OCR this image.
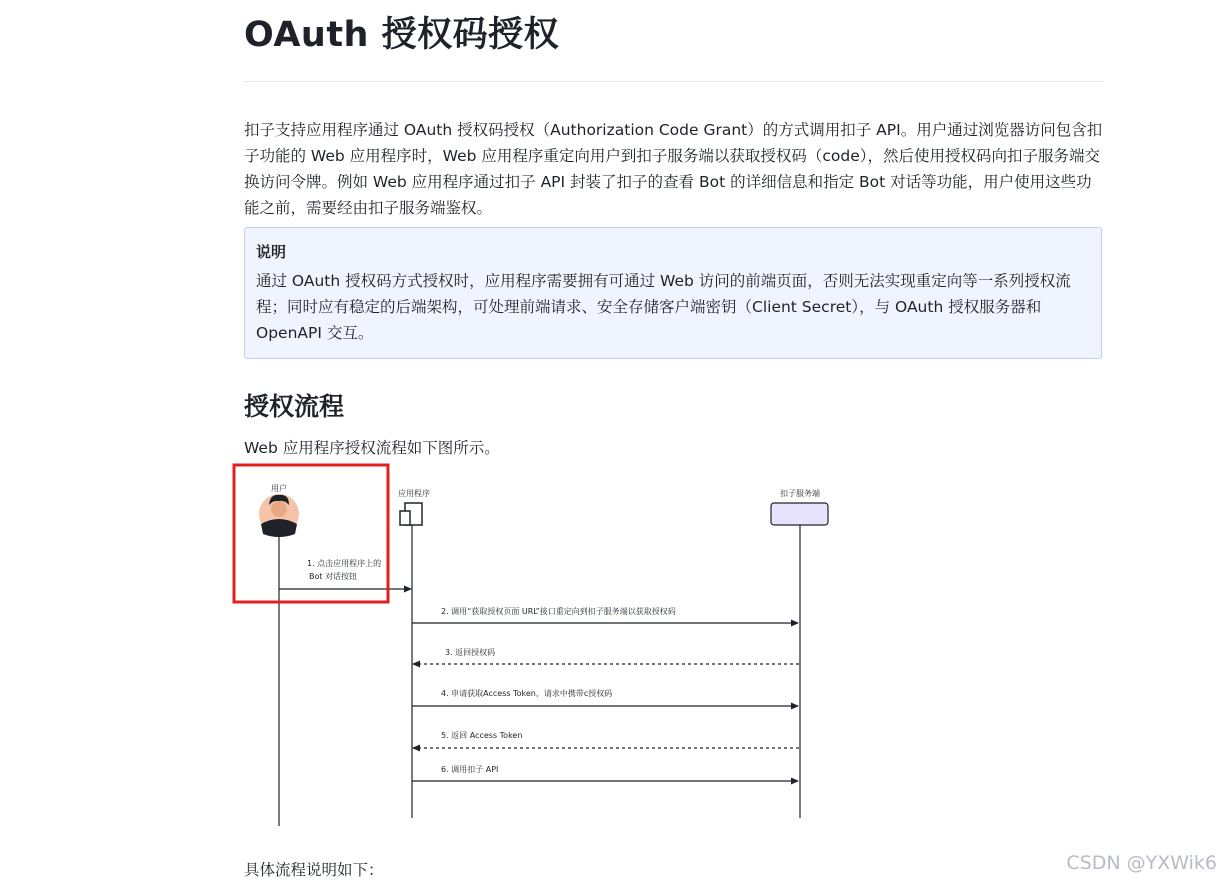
OAuth 授权码授权

扣子支持应用程序通过 OAuth 授权码授权（Authorization Code Grant）的方式调用扣子 API。用户通过浏览器访问包含扣子功能的 Web 应用程序时，Web 应用程序重定向用户到扣子服务端以获取授权码（code），然后使用授权码向扣子服务端交换访问令牌。例如 Web 应用程序通过扣子 API 封装了扣子的查看 Bot 的详细信息和指定 Bot 对话等功能，用户使用这些功能之前，需要经由扣子服务端鉴权。

说明

通过 OAuth 授权码方式授权时，应用程序需要拥有可通过 Web 访问的前端页面，否则无法实现重定向等一系列授权流程；同时应有稳定的后端架构，可处理前端请求、安全存储客户端密钥（Client Secret），与 OAuth 授权服务器和 OpenAPI 交互。

授权流程

Web 应用程序授权流程如下图所示。

用户
应用程序	扣子服务端
1. 点击应用程序上的
Bot 对话按钮
2. 调用“获取授权页面 URL”接口重定向到扣子服务端以获取授权码
3. 返回授权码
4. 申请获取Access Token，请求中携带c授权码
5. 返回 Access Token
6. 调用扣子 API

具体流程说明如下：	CSDN @YXWik6
